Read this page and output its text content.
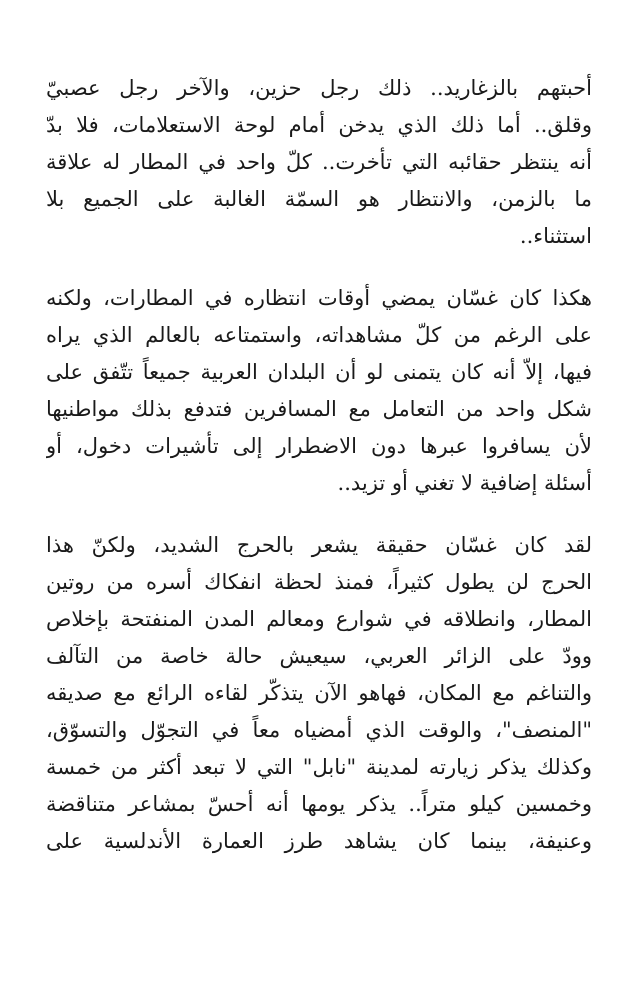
أحبتهم بالزغاريد.. ذلك رجل حزين، والآخر رجل عصبيّ
وقلق.. أما ذلك الذي يدخن أمام لوحة الاستعلامات، فلا بدّ
أنه ينتظر حقائبه التي تأخرت.. كلّ واحد في المطار له علاقة
ما بالزمن، والانتظار هو السمّة الغالبة على الجميع بلا
استثناء..

هكذا كان غسّان يمضي أوقات انتظاره في المطارات، ولكنه
على الرغم من كلّ مشاهداته، واستمتاعه بالعالم الذي يراه
فيها، إلاّ أنه كان يتمنى لو أن البلدان العربية جميعاً تتّفق على
شكل واحد من التعامل مع المسافرين فتدفع بذلك مواطنيها
لأن يسافروا عبرها دون الاضطرار إلى تأشيرات دخول، أو
أسئلة إضافية لا تغني أو تزيد..

لقد كان غسّان حقيقة يشعر بالحرج الشديد، ولكنّ هذا
الحرج لن يطول كثيراً، فمنذ لحظة انفكاك أسره من روتين
المطار، وانطلاقه في شوارع ومعالم المدن المنفتحة بإخلاص
وودّ على الزائر العربي، سيعيش حالة خاصة من التآلف
والتناغم مع المكان، فهاهو الآن يتذكّر لقاءه الرائع مع صديقه
"المنصف"، والوقت الذي أمضياه معاً في التجوّل والتسوّق،
وكذلك يذكر زيارته لمدينة "نابل" التي لا تبعد أكثر من خمسة
وخمسين كيلو متراً.. يذكر يومها أنه أحسّ بمشاعر متناقضة
وعنيفة، بينما كان يشاهد طرز العمارة الأندلسية على
